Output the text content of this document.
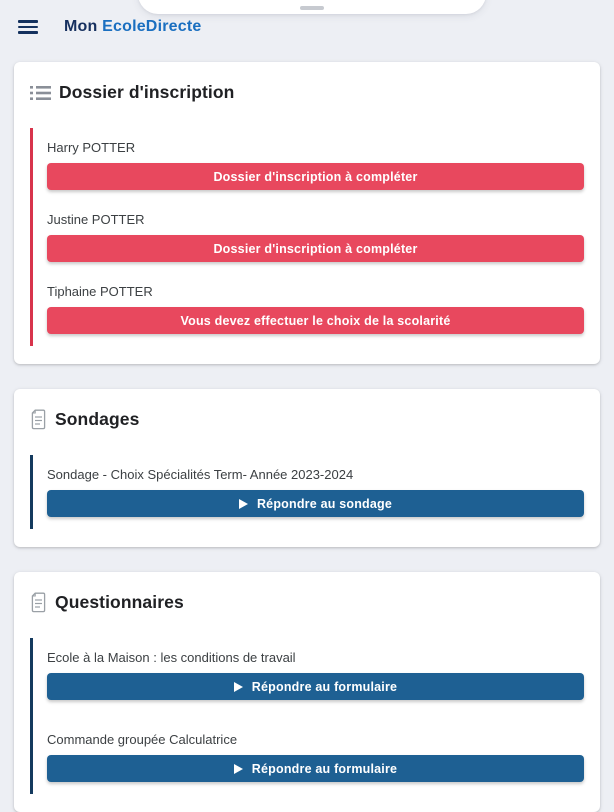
Mon EcoleDirecte
Dossier d'inscription
Harry POTTER
Dossier d'inscription à compléter
Justine POTTER
Dossier d'inscription à compléter
Tiphaine POTTER
Vous devez effectuer le choix de la scolarité
Sondages
Sondage - Choix Spécialités Term- Année 2023-2024
Répondre au sondage
Questionnaires
Ecole à la Maison : les conditions de travail
Répondre au formulaire
Commande groupée Calculatrice
Répondre au formulaire
